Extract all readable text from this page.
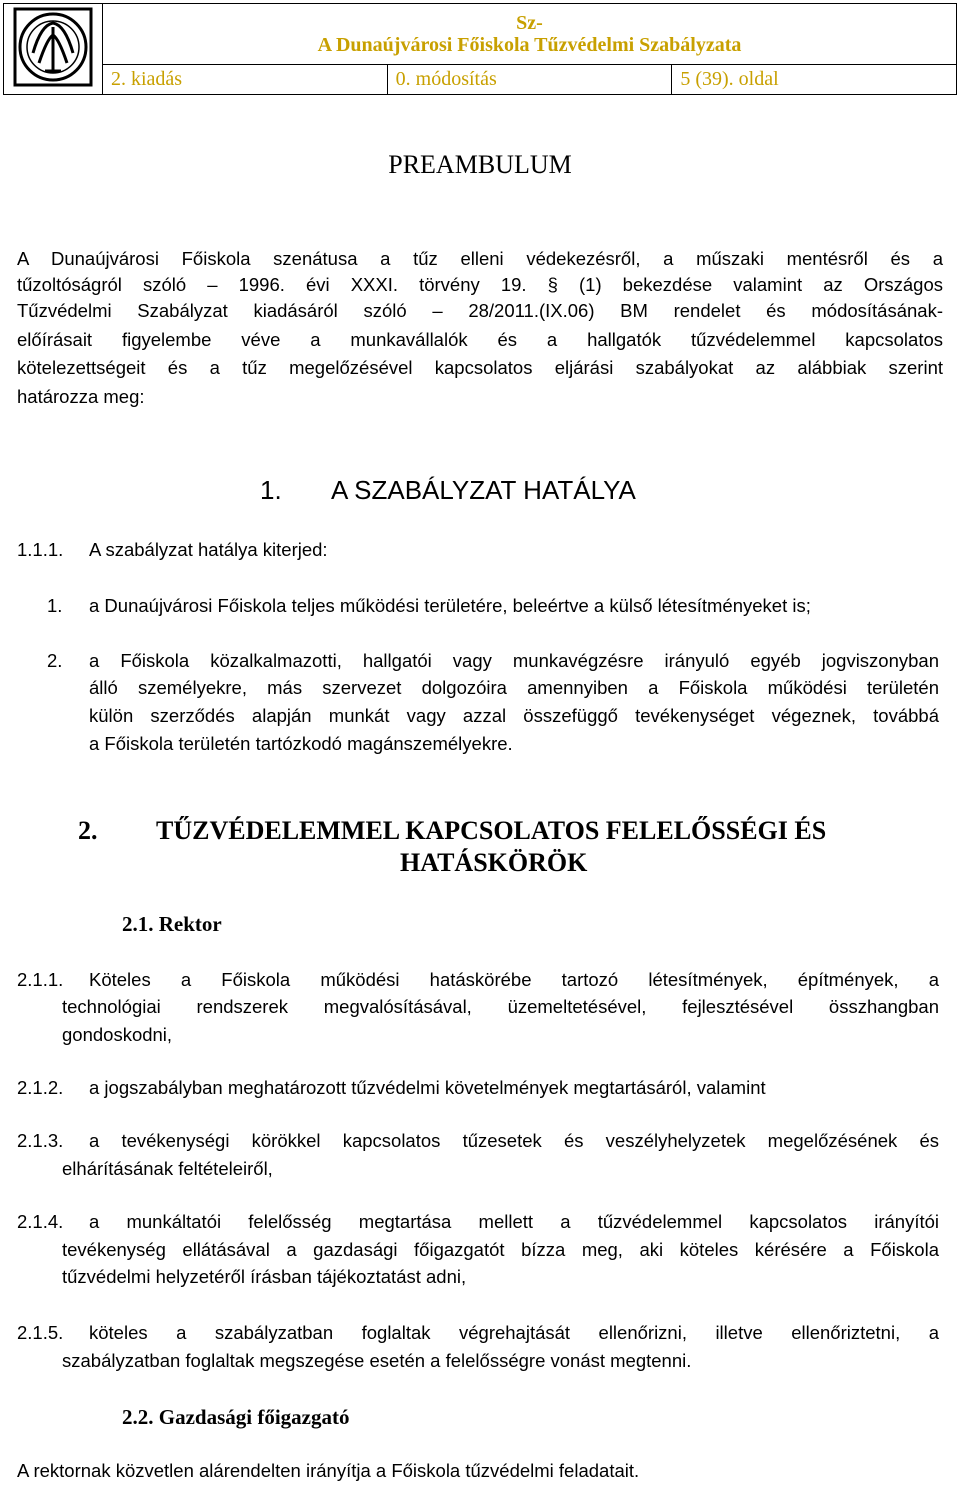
Sz-
A Dunaújvárosi Főiskola Tűzvédelmi Szabályzata		

	2. kiadás	0. módosítás	5 (39). oldal
PREAMBULUM
A Dunaújvárosi Főiskola szenátusa a tűz elleni védekezésről, a műszaki mentésről és a
tűzoltóságról szóló – 1996. évi XXXI. törvény 19. § (1) bekezdése valamint az Országos
Tűzvédelmi Szabályzat kiadásáról szóló – 28/2011.(IX.06) BM rendelet és módosításának-
előírásait figyelembe véve a munkavállalók és a hallgatók tűzvédelemmel kapcsolatos
kötelezettségeit és a tűz megelőzésével kapcsolatos eljárási szabályokat az alábbiak szerint
határozza meg:
1. A SZABÁLYZAT HATÁLYA
1.1.1. A szabályzat hatálya kiterjed:
1. a Dunaújvárosi Főiskola teljes működési területére, beleértve a külső létesítményeket is;
2. a Főiskola közalkalmazotti, hallgatói vagy munkavégzésre irányuló egyéb jogviszonyban
álló személyekre, más szervezet dolgozóira amennyiben a Főiskola működési területén
külön szerződés alapján munkát vagy azzal összefüggő tevékenységet végeznek, továbbá
a Főiskola területén tartózkodó magánszemélyekre.
2. TŰZVÉDELEMMEL KAPCSOLATOS FELELŐSSÉGI ÉS
HATÁSKÖRÖK
2.1. Rektor
2.1.1. Köteles a Főiskola működési hatáskörébe tartozó létesítmények, építmények, a
technológiai rendszerek megvalósításával, üzemeltetésével, fejlesztésével összhangban
gondoskodni,
2.1.2. a jogszabályban meghatározott tűzvédelmi követelmények megtartásáról, valamint
2.1.3. a tevékenységi körökkel kapcsolatos tűzesetek és veszélyhelyzetek megelőzésének és
elhárításának feltételeiről,
2.1.4. a munkáltatói felelősség megtartása mellett a tűzvédelemmel kapcsolatos irányítói
tevékenység ellátásával a gazdasági főigazgatót bízza meg, aki köteles kérésére a Főiskola
tűzvédelmi helyzetéről írásban tájékoztatást adni,
2.1.5. köteles a szabályzatban foglaltak végrehajtását ellenőrizni, illetve ellenőriztetni, a
szabályzatban foglaltak megszegése esetén a felelősségre vonást megtenni.
2.2. Gazdasági főigazgató
A rektornak közvetlen alárendelten irányítja a Főiskola tűzvédelmi feladatait.
